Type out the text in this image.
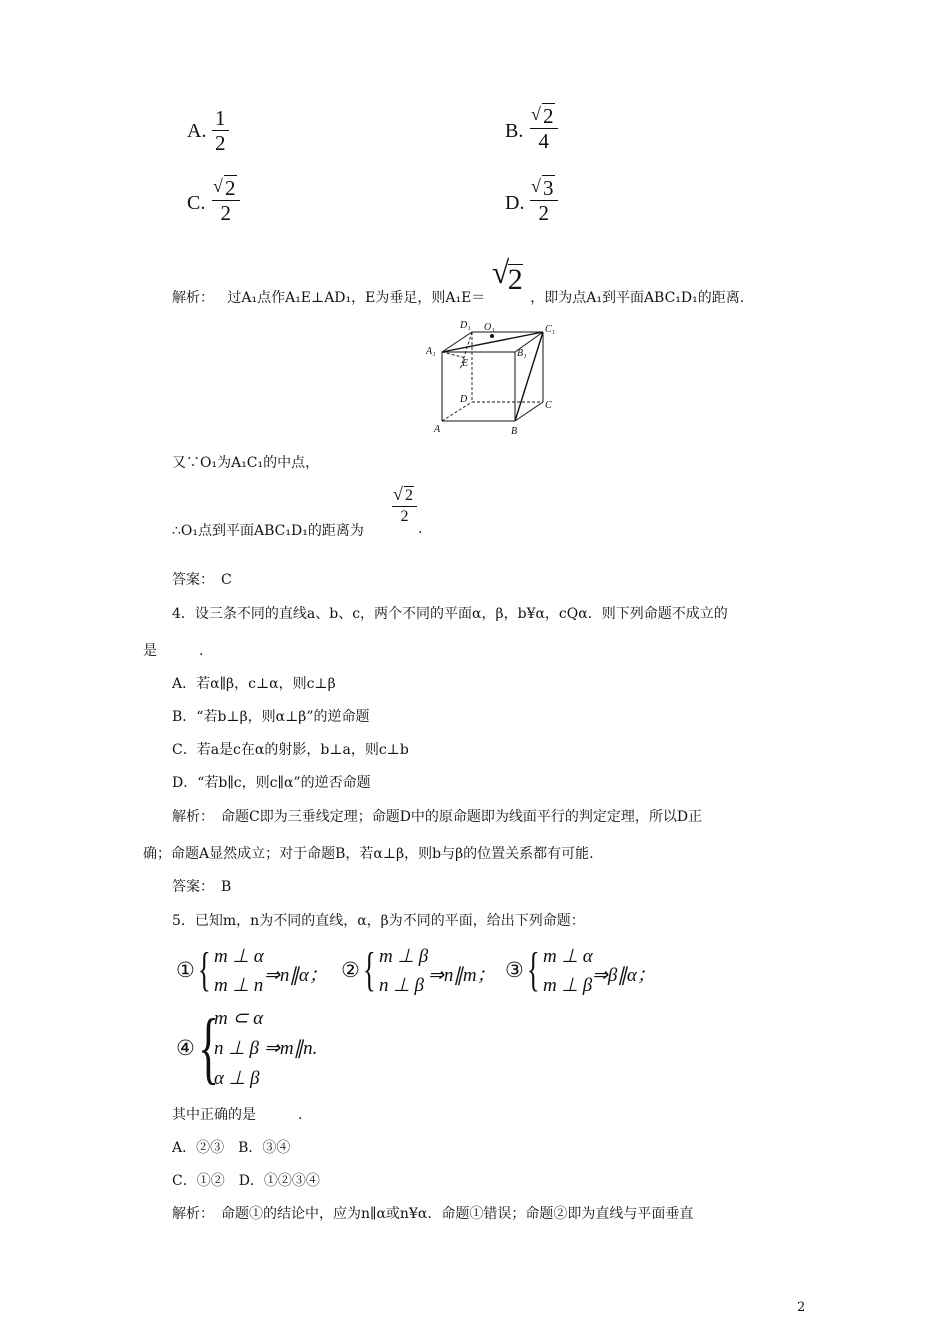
A.
1
2	B.
√ 2
4
C.
√ 2
2	D.
√ 3
2
解析： 过A₁点作A₁E⊥AD₁，E为垂足，则A₁E＝
√
2
，即为点A₁到平面ABC₁D₁的距离.
D₁ O₁	C₁
A₁	B₁
E
D
C
A	B
又∵O₁为A₁C₁的中点，
∴O₁点到平面ABC₁D₁的距离为
√ 2
2
.
答案：　C
4．设三条不同的直线a、b、c，两个不同的平面α，β，b¥α，cQα．则下列命题不成立的
是　　　.
A．若α∥β，c⊥α，则c⊥β
B．“若b⊥β，则α⊥β”的逆命题
C．若a是c在α的射影，b⊥a，则c⊥b
D．“若b∥c，则c∥α”的逆否命题
解析：　命题C即为三垂线定理；命题D中的原命题即为线面平行的判定定理，所以D正
确；命题A显然成立；对于命题B，若α⊥β，则b与β的位置关系都有可能.
答案：　B
5．已知m，n为不同的直线，α，β为不同的平面，给出下列命题：
① { m ⊥ α
m ⊥ n ⇒n∥α； ② { m ⊥ β
n ⊥ β ⇒n∥m； ③ { m ⊥ α
m ⊥ β ⇒β∥α；
④ {
m ⊂ α
n ⊥ β
α ⊥ β
⇒m∥n.
其中正确的是　　　.
A．②③　B．③④
C．①②　D．①②③④
解析：　命题①的结论中，应为n∥α或n¥α．命题①错误；命题②即为直线与平面垂直
2
